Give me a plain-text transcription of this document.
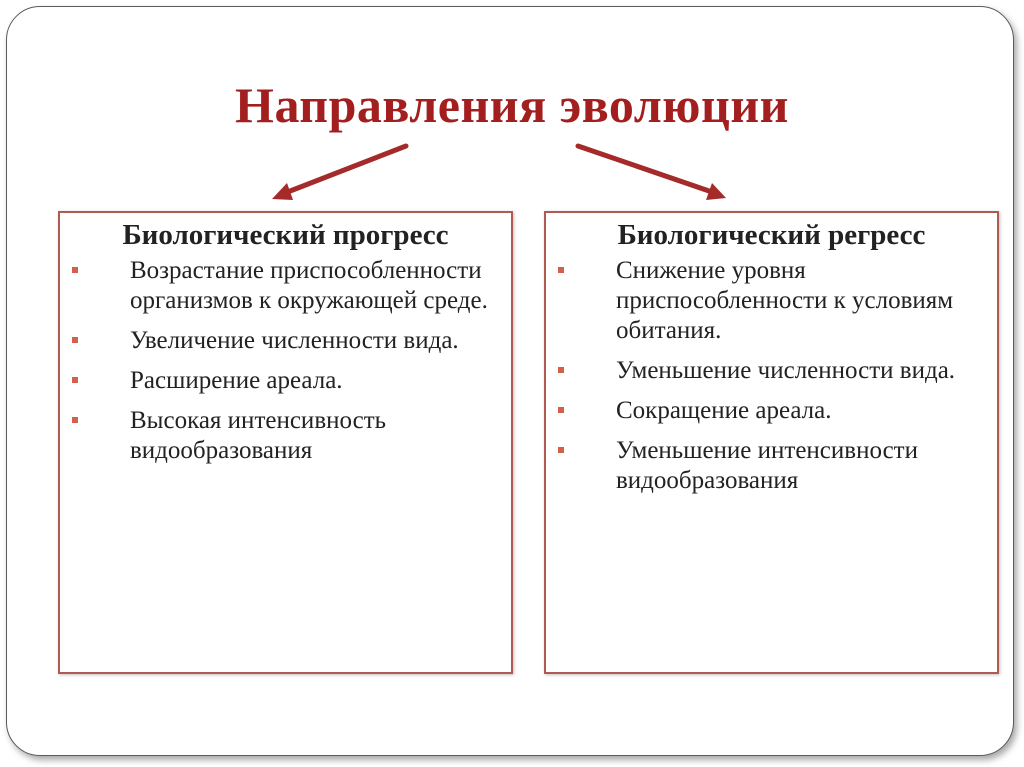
Направления эволюции
Биологический прогресс
Возрастание приспособленности организмов к окружающей среде.
Увеличение численности вида.
Расширение ареала.
Высокая интенсивность видообразования
Биологический регресс
Снижение уровня приспособленности к условиям обитания.
Уменьшение численности вида.
Сокращение ареала.
Уменьшение интенсивности видообразования
